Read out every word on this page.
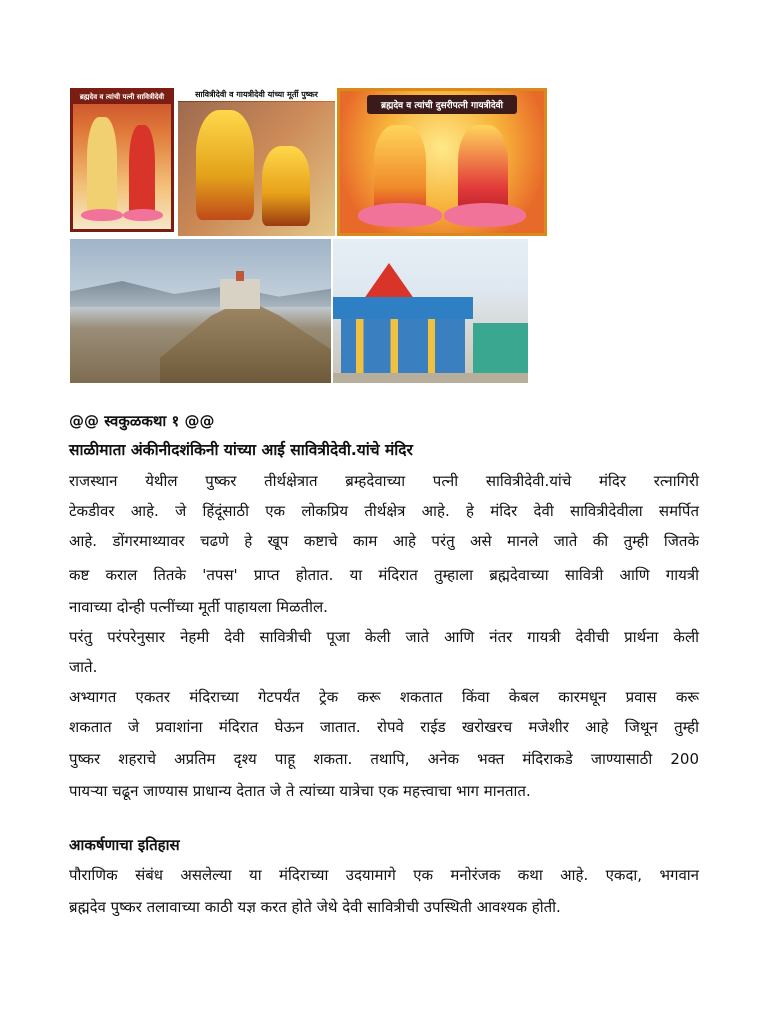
ब्रह्मदेव व त्यांची पत्नी सावित्रीदेवी	सावित्रीदेवी व गायत्रीदेवी यांच्या मूर्ती पुष्कर
ब्रह्मदेव व त्यांची दुसरीपत्नी गायत्रीदेवी
@@ स्वकुळकथा १ @@
साळीमाता अंकीनीदशंकिनी यांच्या आई सावित्रीदेवी.यांचे मंदिर
राजस्थान येथील पुष्कर तीर्थक्षेत्रात ब्रम्हदेवाच्या पत्नी सावित्रीदेवी.यांचे मंदिर रत्नागिरी
टेकडीवर आहे. जे हिंदूंसाठी एक लोकप्रिय तीर्थक्षेत्र आहे. हे मंदिर देवी सावित्रीदेवीला समर्पित
आहे. डोंगरमाथ्यावर चढणे हे खूप कष्टाचे काम आहे परंतु असे मानले जाते की तुम्ही जितके
कष्ट कराल तितके 'तपस' प्राप्त होतात. या मंदिरात तुम्हाला ब्रह्मदेवाच्या सावित्री आणि गायत्री
नावाच्या दोन्ही पत्नींच्या मूर्ती पाहायला मिळतील.
परंतु परंपरेनुसार नेहमी देवी सावित्रीची पूजा केली जाते आणि नंतर गायत्री देवीची प्रार्थना केली
जाते.
अभ्यागत एकतर मंदिराच्या गेटपर्यंत ट्रेक करू शकतात किंवा केबल कारमधून प्रवास करू
शकतात जे प्रवाशांना मंदिरात घेऊन जातात. रोपवे राईड खरोखरच मजेशीर आहे जिथून तुम्ही
पुष्कर शहराचे अप्रतिम दृश्य पाहू शकता. तथापि, अनेक भक्त मंदिराकडे जाण्यासाठी 200
पायऱ्या चढून जाण्यास प्राधान्य देतात जे ते त्यांच्या यात्रेचा एक महत्त्वाचा भाग मानतात.
आकर्षणाचा इतिहास
पौराणिक संबंध असलेल्या या मंदिराच्या उदयामागे एक मनोरंजक कथा आहे. एकदा, भगवान
ब्रह्मदेव पुष्कर तलावाच्या काठी यज्ञ करत होते जेथे देवी सावित्रीची उपस्थिती आवश्यक होती.
